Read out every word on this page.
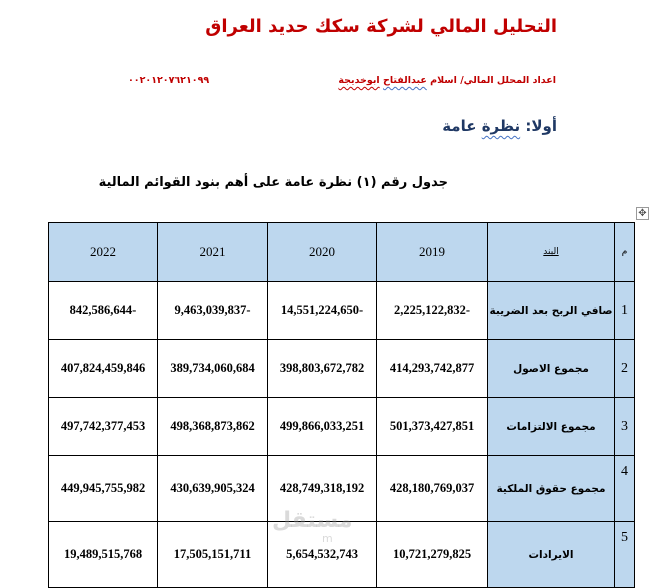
التحليل المالي لشركة سكك حديد العراق
اعداد المحلل المالي/ اسلام عبدالفتاح ابوخديجة
٠٠٢٠١٢٠٧٦٢١٠٩٩
أولا: نظرة عامة
جدول رقم (١) نظرة عامة على أهم بنود القوائم المالية
✥
2022	2021	2020	2019	البند	م
842,586,644-	9,463,039,837-	14,551,224,650-	2,225,122,832-	صافي الربح بعد الضريبة	1
407,824,459,846	389,734,060,684	398,803,672,782	414,293,742,877	مجموع الاصول	2
497,742,377,453	498,368,873,862	499,866,033,251	501,373,427,851	مجموع الالتزامات	3
449,945,755,982	430,639,905,324	428,749,318,192	428,180,769,037	مجموع حقوق الملكية	4
19,489,515,768	17,505,151,711	5,654,532,743	10,721,279,825	الايرادات	5
مستقل
m
